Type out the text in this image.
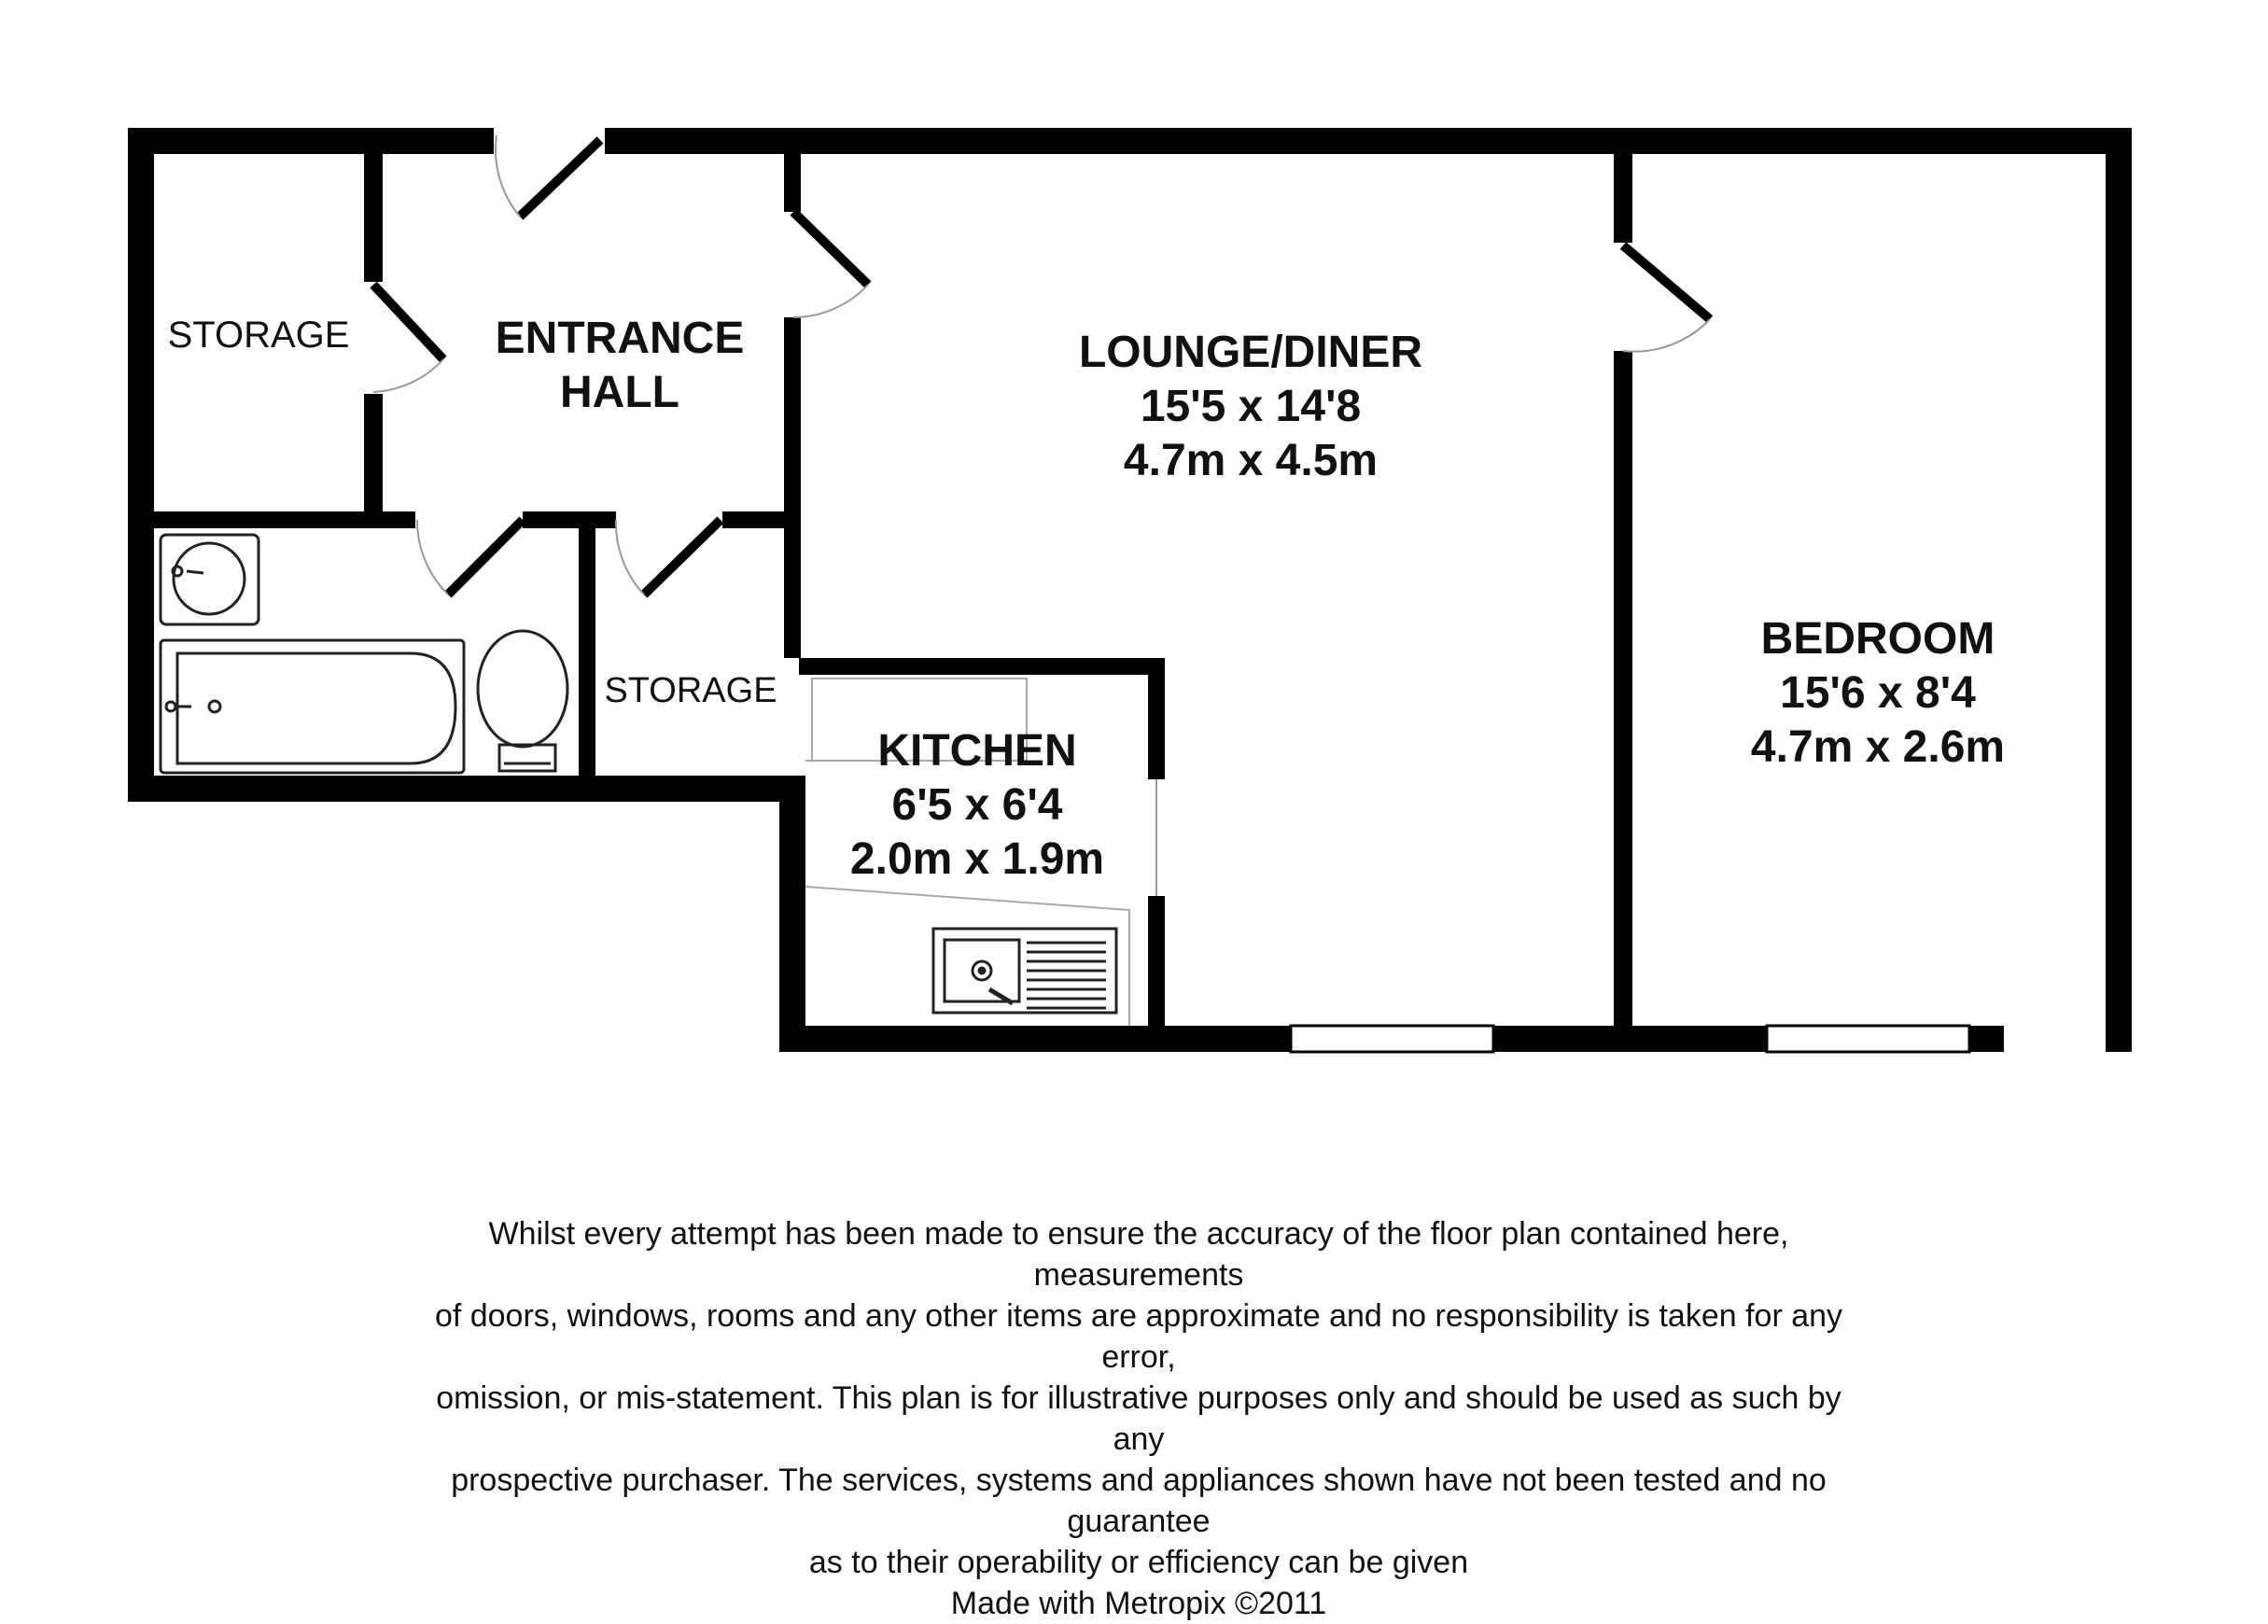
STORAGE	ENTRANCE
HALL
LOUNGE/DINER
15'5 x 14'8
4.7m x 4.5m
BEDROOM
15'6 x 8'4
4.7m x 2.6m
KITCHEN
6'5 x 6'4
2.0m x 1.9m
STORAGE

Whilst every attempt has been made to ensure the accuracy of the floor plan contained here, measurements

of doors, windows, rooms and any other items are approximate and no responsibility is taken for any error,

omission, or mis-statement. This plan is for illustrative purposes only and should be used as such by any

prospective purchaser. The services, systems and appliances shown have not been tested and no guarantee

as to their operability or efficiency can be given

Made with Metropix ©2011
